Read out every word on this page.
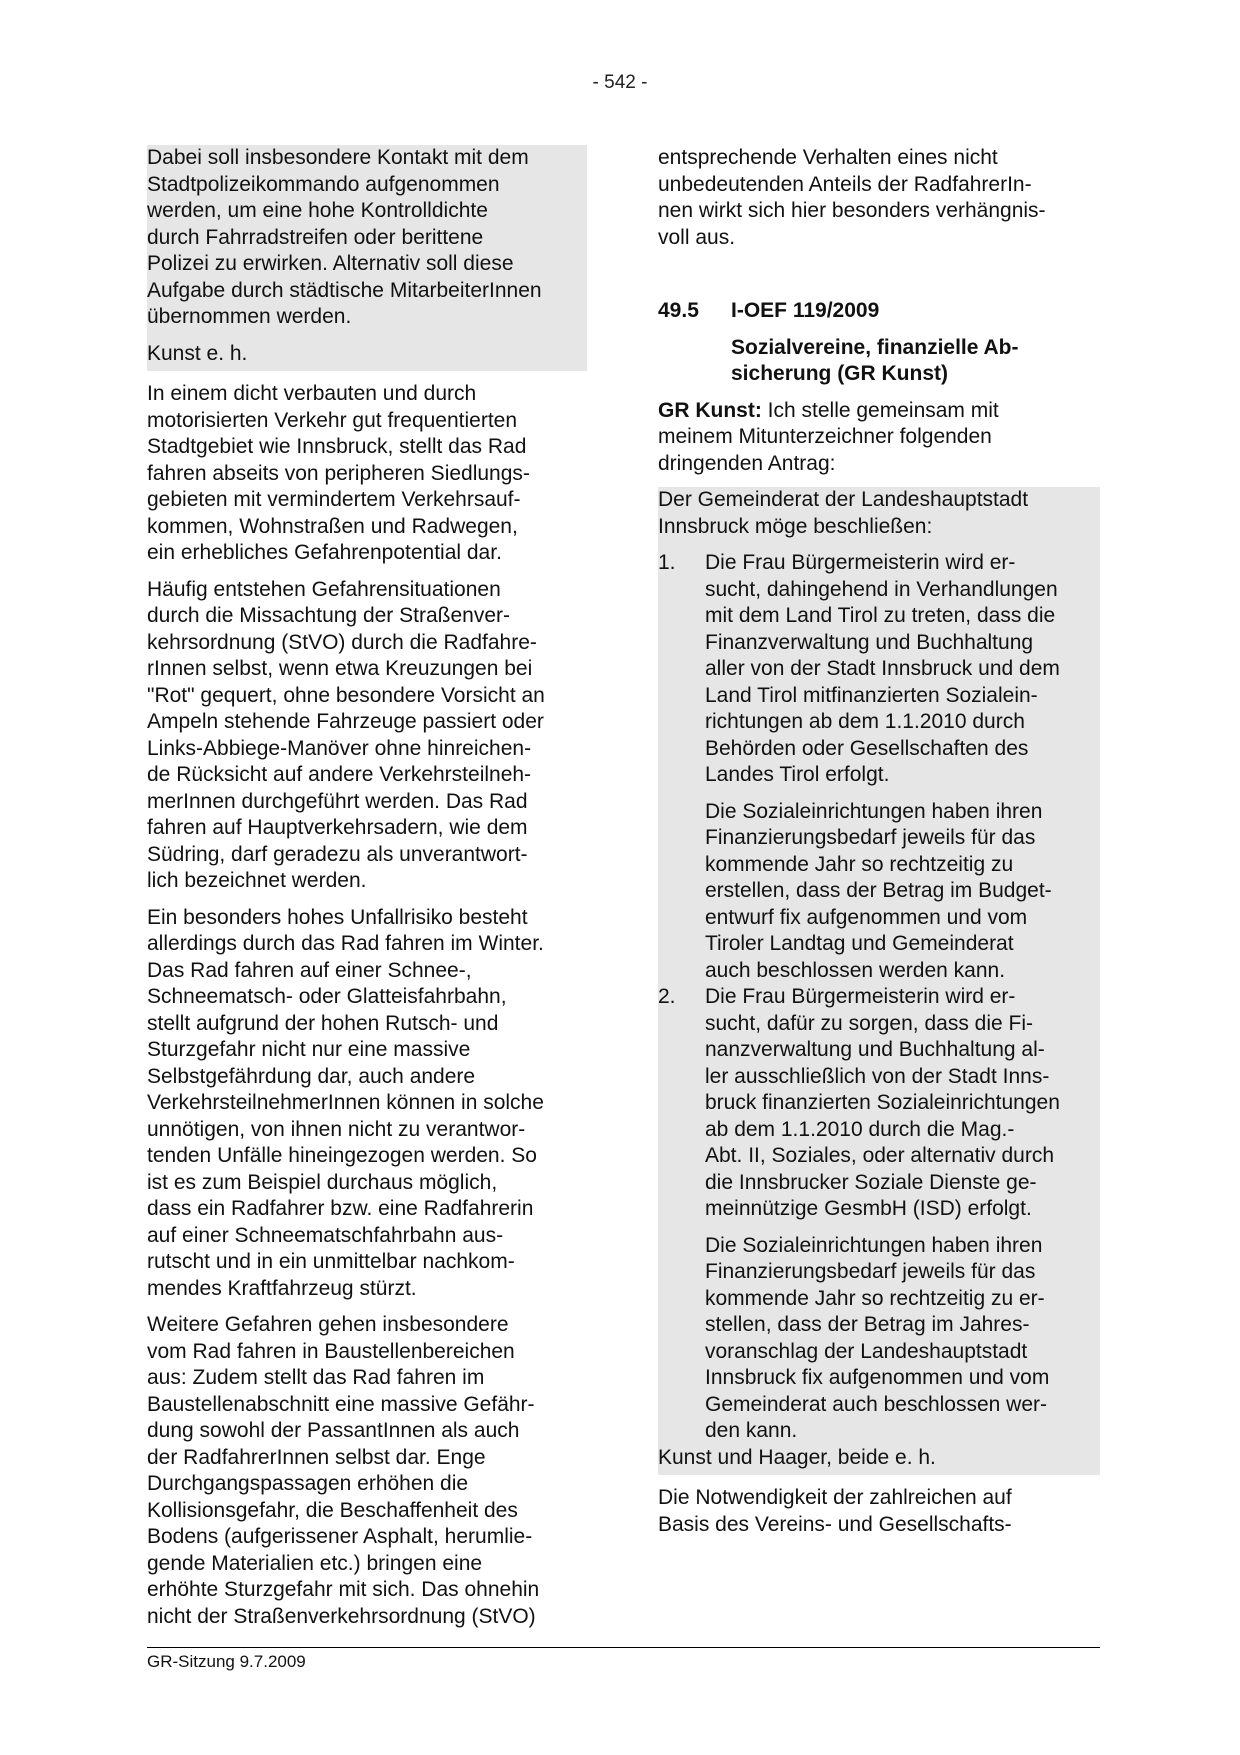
- 542 -

Dabei soll insbesondere Kontakt mit dem
Stadtpolizeikommando aufgenommen
werden, um eine hohe Kontrolldichte
durch Fahrradstreifen oder berittene
Polizei zu erwirken. Alternativ soll diese
Aufgabe durch städtische MitarbeiterInnen
übernommen werden.

Kunst e. h.

In einem dicht verbauten und durch
motorisierten Verkehr gut frequentierten
Stadtgebiet wie Innsbruck, stellt das Rad
fahren abseits von peripheren Siedlungs-
gebieten mit vermindertem Verkehrsauf-
kommen, Wohnstraßen und Radwegen,
ein erhebliches Gefahrenpotential dar.

Häufig entstehen Gefahrensituationen
durch die Missachtung der Straßenver-
kehrsordnung (StVO) durch die Radfahre-
rInnen selbst, wenn etwa Kreuzungen bei
"Rot" gequert, ohne besondere Vorsicht an
Ampeln stehende Fahrzeuge passiert oder
Links-Abbiege-Manöver ohne hinreichen-
de Rücksicht auf andere Verkehrsteilneh-
merInnen durchgeführt werden. Das Rad
fahren auf Hauptverkehrsadern, wie dem
Südring, darf geradezu als unverantwort-
lich bezeichnet werden.

Ein besonders hohes Unfallrisiko besteht
allerdings durch das Rad fahren im Winter.
Das Rad fahren auf einer Schnee-,
Schneematsch- oder Glatteisfahrbahn,
stellt aufgrund der hohen Rutsch- und
Sturzgefahr nicht nur eine massive
Selbstgefährdung dar, auch andere
VerkehrsteilnehmerInnen können in solche
unnötigen, von ihnen nicht zu verantwor-
tenden Unfälle hineingezogen werden. So
ist es zum Beispiel durchaus möglich,
dass ein Radfahrer bzw. eine Radfahrerin
auf einer Schneematschfahrbahn aus-
rutscht und in ein unmittelbar nachkom-
mendes Kraftfahrzeug stürzt.

Weitere Gefahren gehen insbesondere
vom Rad fahren in Baustellenbereichen
aus: Zudem stellt das Rad fahren im
Baustellenabschnitt eine massive Gefähr-
dung sowohl der PassantInnen als auch
der RadfahrerInnen selbst dar. Enge
Durchgangspassagen erhöhen die
Kollisionsgefahr, die Beschaffenheit des
Bodens (aufgerissener Asphalt, herumlie-
gende Materialien etc.) bringen eine
erhöhte Sturzgefahr mit sich. Das ohnehin
nicht der Straßenverkehrsordnung (StVO)

entsprechende Verhalten eines nicht
unbedeutenden Anteils der RadfahrerIn-
nen wirkt sich hier besonders verhängnis-
voll aus.

49.5	I-OEF 119/2009

Sozialvereine, finanzielle Ab-
sicherung (GR Kunst)

GR Kunst: Ich stelle gemeinsam mit
meinem Mitunterzeichner folgenden
dringenden Antrag:

Der Gemeinderat der Landeshauptstadt
Innsbruck möge beschließen:

1.	Die Frau Bürgermeisterin wird er-
sucht, dahingehend in Verhandlungen
mit dem Land Tirol zu treten, dass die
Finanzverwaltung und Buchhaltung
aller von der Stadt Innsbruck und dem
Land Tirol mitfinanzierten Sozialein-
richtungen ab dem 1.1.2010 durch
Behörden oder Gesellschaften des
Landes Tirol erfolgt.

Die Sozialeinrichtungen haben ihren
Finanzierungsbedarf jeweils für das
kommende Jahr so rechtzeitig zu
erstellen, dass der Betrag im Budget-
entwurf fix aufgenommen und vom
Tiroler Landtag und Gemeinderat
auch beschlossen werden kann.

2.	Die Frau Bürgermeisterin wird er-
sucht, dafür zu sorgen, dass die Fi-
nanzverwaltung und Buchhaltung al-
ler ausschließlich von der Stadt Inns-
bruck finanzierten Sozialeinrichtungen
ab dem 1.1.2010 durch die Mag.-
Abt. II, Soziales, oder alternativ durch
die Innsbrucker Soziale Dienste ge-
meinnützige GesmbH (ISD) erfolgt.

Die Sozialeinrichtungen haben ihren
Finanzierungsbedarf jeweils für das
kommende Jahr so rechtzeitig zu er-
stellen, dass der Betrag im Jahres-
voranschlag der Landeshauptstadt
Innsbruck fix aufgenommen und vom
Gemeinderat auch beschlossen wer-
den kann.

Kunst und Haager, beide e. h.

Die Notwendigkeit der zahlreichen auf
Basis des Vereins- und Gesellschafts-

GR-Sitzung 9.7.2009
